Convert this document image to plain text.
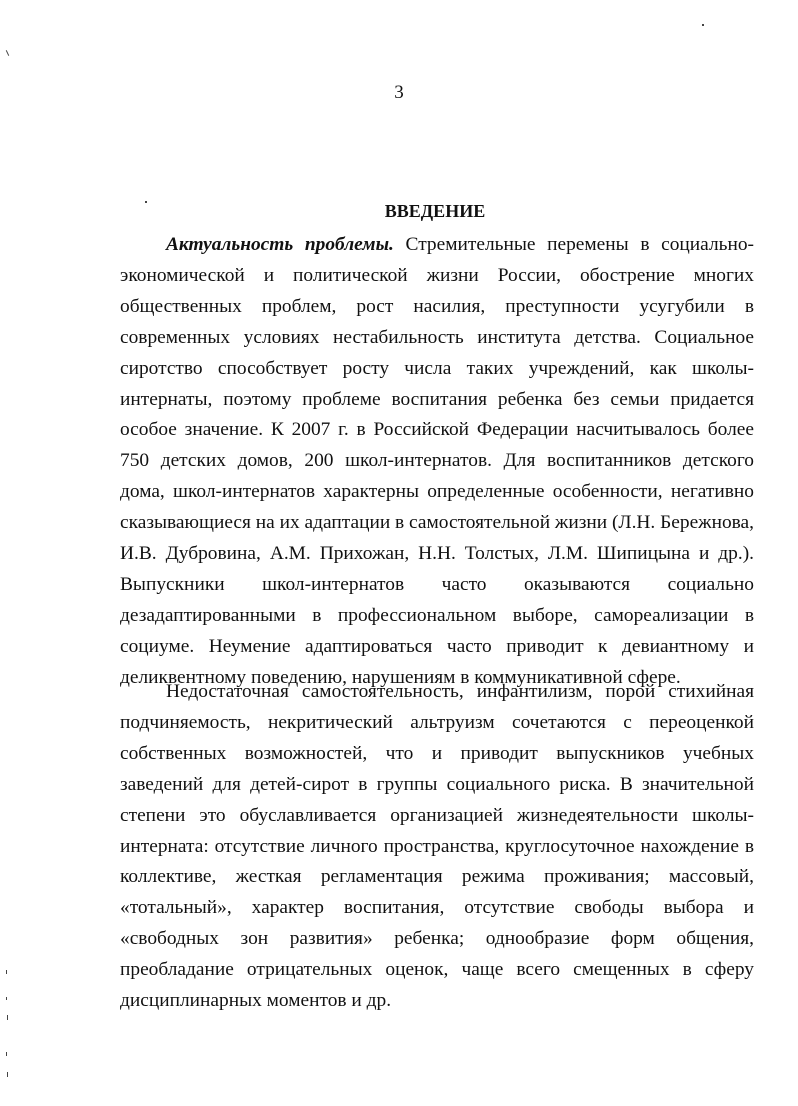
3
ВВЕДЕНИЕ

Актуальность проблемы. Стремительные перемены в социально-экономической и политической жизни России, обострение многих общественных проблем, рост насилия, преступности усугубили в современных условиях нестабильность института детства. Социальное сиротство способствует росту числа таких учреждений, как школы-интернаты, поэтому проблеме воспитания ребенка без семьи придается особое значение. К 2007 г. в Российской Федерации насчитывалось более 750 детских домов, 200 школ-интернатов. Для воспитанников детского дома, школ-интернатов характерны определенные особенности, негативно сказывающиеся на их адаптации в самостоятельной жизни (Л.Н. Бережнова, И.В. Дубровина, А.М. Прихожан, Н.Н. Толстых, Л.М. Шипицына и др.). Выпускники школ-интернатов часто оказываются социально дезадаптированными в профессиональном выборе, самореализации в социуме. Неумение адаптироваться часто приводит к девиантному и деликвентному поведению, нарушениям в коммуникативной сфере.

Недостаточная самостоятельность, инфантилизм, порой стихийная подчиняемость, некритический альтруизм сочетаются с переоценкой собственных возможностей, что и приводит выпускников учебных заведений для детей-сирот в группы социального риска. В значительной степени это обуславливается организацией жизнедеятельности школы-интерната: отсутствие личного пространства, круглосуточное нахождение в коллективе, жесткая регламентация режима проживания; массовый, «тотальный», характер воспитания, отсутствие свободы выбора и «свободных зон развития» ребенка; однообразие форм общения, преобладание отрицательных оценок, чаще всего смещенных в сферу дисциплинарных моментов и др.
